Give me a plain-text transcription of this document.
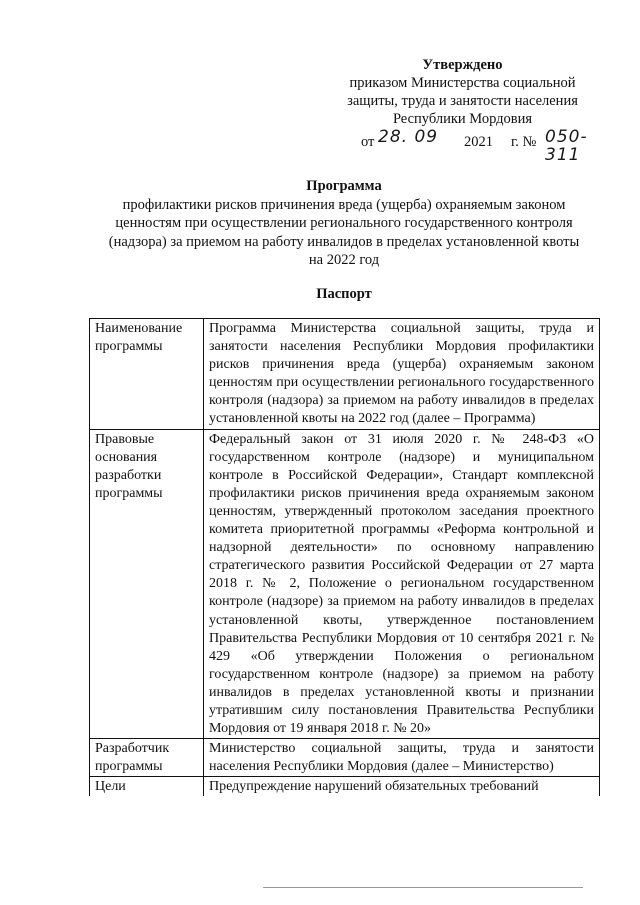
Утверждено
приказом Министерства социальной
защиты, труда и занятости населения
Республики Мордовия
от 28. 09 2021 г. № 050-311
Программа
профилактики рисков причинения вреда (ущерба) охраняемым законом
ценностям при осуществлении регионального государственного контроля
(надзора) за приемом на работу инвалидов в пределах установленной квоты
на 2022 год
Паспорт
Наименование программы	Программа Министерства социальной защиты, труда и занятости населения Республики Мордовия профилактики рисков причинения вреда (ущерба) охраняемым законом ценностям при осуществлении регионального государственного контроля (надзора) за приемом на работу инвалидов в пределах установленной квоты на 2022 год (далее – Программа)
Правовые основания разработки программы	Федеральный закон от 31 июля 2020 г. № 248-ФЗ «О государственном контроле (надзоре) и муниципальном контроле в Российской Федерации», Стандарт комплексной профилактики рисков причинения вреда охраняемым законом ценностям, утвержденный протоколом заседания проектного комитета приоритетной программы «Реформа контрольной и надзорной деятельности» по основному направлению стратегического развития Российской Федерации от 27 марта 2018 г. № 2, Положение о региональном государственном контроле (надзоре) за приемом на работу инвалидов в пределах установленной квоты, утвержденное постановлением Правительства Республики Мордовия от 10 сентября 2021 г. № 429 «Об утверждении Положения о региональном государственном контроле (надзоре) за приемом на работу инвалидов в пределах установленной квоты и признании утратившим силу постановления Правительства Республики Мордовия от 19 января 2018 г. № 20»
Разработчик программы	Министерство социальной защиты, труда и занятости населения Республики Мордовия (далее – Министерство)
Цели	Предупреждение нарушений обязательных требований
